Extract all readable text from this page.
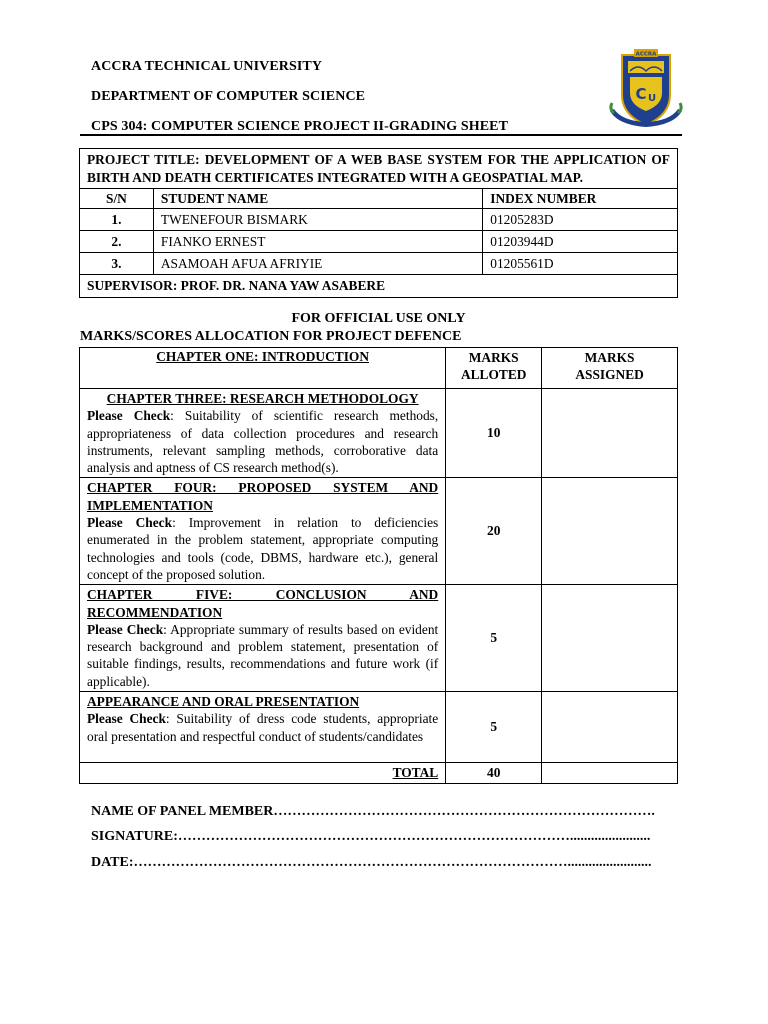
ACCRA TECHNICAL UNIVERSITY
DEPARTMENT OF COMPUTER SCIENCE
CPS 304: COMPUTER SCIENCE PROJECT II-GRADING SHEET
ACCRA
C U
PROJECT TITLE: DEVELOPMENT OF A WEB BASE SYSTEM FOR THE APPLICATION OF BIRTH AND DEATH CERTIFICATES INTEGRATED WITH A GEOSPATIAL MAP.		
S/N	STUDENT NAME	INDEX NUMBER
1.	TWENEFOUR BISMARK	01205283D
2.	FIANKO ERNEST	01203944D
3.	ASAMOAH AFUA AFRIYIE	01205561D
SUPERVISOR: PROF. DR. NANA YAW ASABERE		
FOR OFFICIAL USE ONLY
MARKS/SCORES ALLOCATION FOR PROJECT DEFENCE
CHAPTER ONE: INTRODUCTION	MARKS ALLOTED	MARKS ASSIGNED

CHAPTER THREE: RESEARCH METHODOLOGY
Please Check: Suitability of scientific research methods, appropriateness of data collection procedures and research instruments, relevant sampling methods, corroborative data analysis and aptness of CS research method(s).	10	

CHAPTER FOUR: PROPOSED SYSTEM AND IMPLEMENTATION
Please Check: Improvement in relation to deficiencies enumerated in the problem statement, appropriate computing technologies and tools (code, DBMS, hardware etc.), general concept of the proposed solution.	20	

CHAPTER FIVE: CONCLUSION AND RECOMMENDATION
Please Check: Appropriate summary of results based on evident research background and problem statement, presentation of suitable findings, results, recommendations and future work (if applicable).	5	

APPEARANCE AND ORAL PRESENTATION
Please Check: Suitability of dress code students, appropriate oral presentation and respectful conduct of students/candidates	5	
TOTAL	40	
NAME OF PANEL MEMBER……………………………………………………………………….
SIGNATURE:………………………………………………………………………….......................
DATE:…………………………………………………………………………………........................
